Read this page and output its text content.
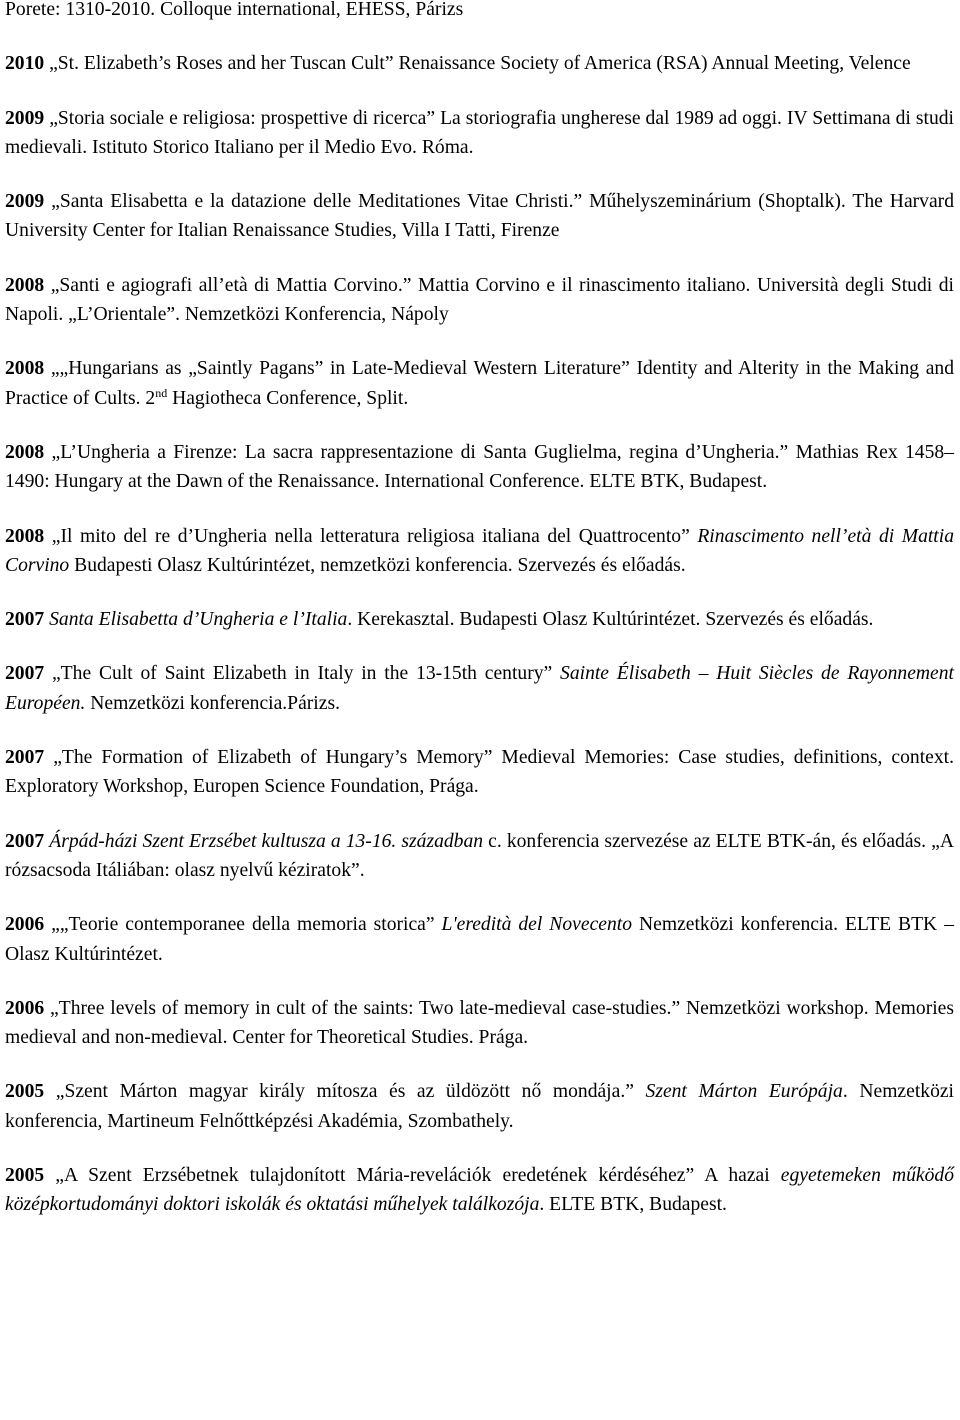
Porete: 1310-2010. Colloque international, EHESS, Párizs

2010 „St. Elizabeth’s Roses and her Tuscan Cult” Renaissance Society of America (RSA) Annual Meeting, Velence

2009 „Storia sociale e religiosa: prospettive di ricerca” La storiografia ungherese dal 1989 ad oggi. IV Settimana di studi medievali. Istituto Storico Italiano per il Medio Evo. Róma.

2009 „Santa Elisabetta e la datazione delle Meditationes Vitae Christi.” Műhelyszeminárium (Shoptalk). The Harvard University Center for Italian Renaissance Studies, Villa I Tatti, Firenze

2008 „Santi e agiografi all’età di Mattia Corvino.” Mattia Corvino e il rinascimento italiano. Università degli Studi di Napoli. „L’Orientale”. Nemzetközi Konferencia, Nápoly

2008 „„Hungarians as „Saintly Pagans” in Late-Medieval Western Literature” Identity and Alterity in the Making and Practice of Cults. 2nd Hagiotheca Conference, Split.

2008 „L’Ungheria a Firenze: La sacra rappresentazione di Santa Guglielma, regina d’Ungheria.” Mathias Rex 1458–1490: Hungary at the Dawn of the Renaissance. International Conference. ELTE BTK, Budapest.

2008 „Il mito del re d’Ungheria nella letteratura religiosa italiana del Quattrocento” Rinascimento nell’età di Mattia Corvino Budapesti Olasz Kultúrintézet, nemzetközi konferencia. Szervezés és előadás.

2007 Santa Elisabetta d’Ungheria e l’Italia. Kerekasztal. Budapesti Olasz Kultúrintézet. Szervezés és előadás.

2007 „The Cult of Saint Elizabeth in Italy in the 13-15th century” Sainte Élisabeth – Huit Siècles de Rayonnement Européen. Nemzetközi konferencia.Párizs.

2007 „The Formation of Elizabeth of Hungary’s Memory” Medieval Memories: Case studies, definitions, context. Exploratory Workshop, Europen Science Foundation, Prága.

2007 Árpád-házi Szent Erzsébet kultusza a 13-16. században c. konferencia szervezése az ELTE BTK-án, és előadás. „A rózsacsoda Itáliában: olasz nyelvű kéziratok”.

2006 „„Teorie contemporanee della memoria storica” L'eredità del Novecento Nemzetközi konferencia. ELTE BTK – Olasz Kultúrintézet.

2006 „Three levels of memory in cult of the saints: Two late-medieval case-studies.” Nemzetközi workshop. Memories medieval and non-medieval. Center for Theoretical Studies. Prága.

2005 „Szent Márton magyar király mítosza és az üldözött nő mondája.” Szent Márton Európája. Nemzetközi konferencia, Martineum Felnőttképzési Akadémia, Szombathely.

2005 „A Szent Erzsébetnek tulajdonított Mária-revelációk eredetének kérdéséhez” A hazai egyetemeken működő középkortudományi doktori iskolák és oktatási műhelyek találkozója. ELTE BTK, Budapest.
